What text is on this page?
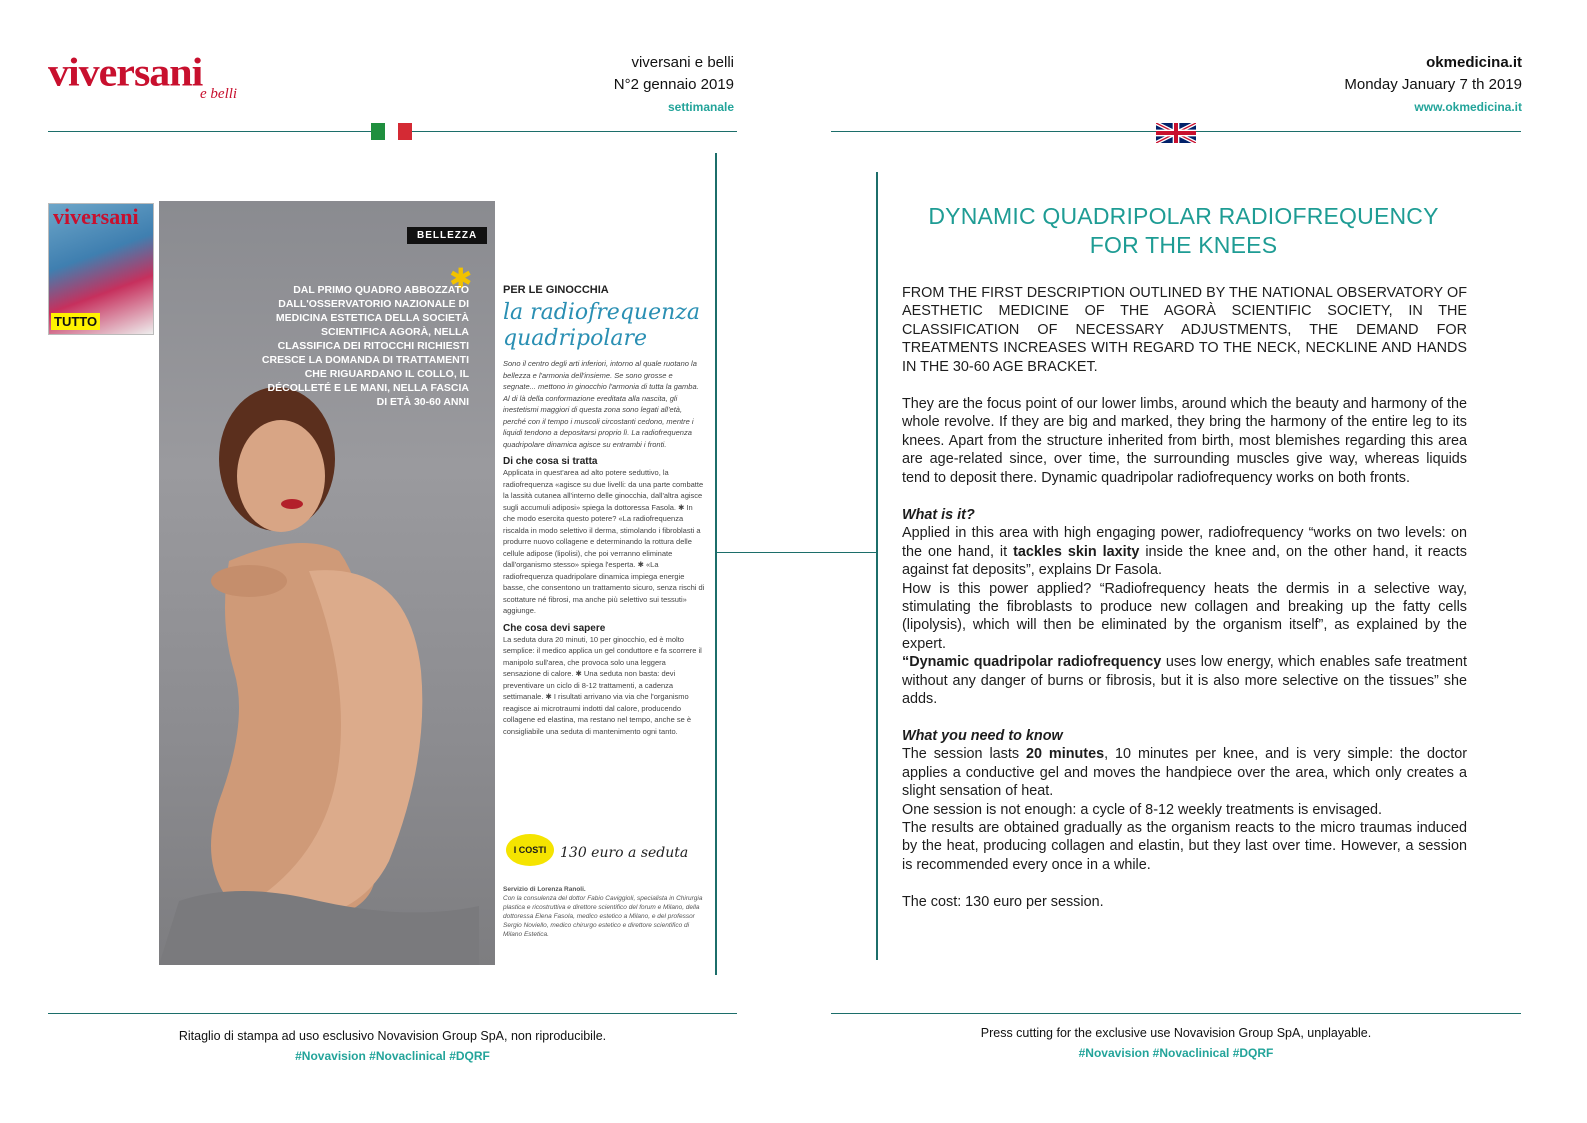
viversani
e belli
viversani e belli
N°2 gennaio 2019
settimanale
viversani
TUTTO
BELLEZZA
✱
DAL PRIMO QUADRO ABBOZZATO DALL'OSSERVATORIO NAZIONALE DI MEDICINA ESTETICA DELLA SOCIETÀ SCIENTIFICA AGORÀ, NELLA CLASSIFICA DEI RITOCCHI RICHIESTI CRESCE LA DOMANDA DI TRATTAMENTI CHE RIGUARDANO IL COLLO, IL DÉCOLLETÉ E LE MANI, NELLA FASCIA DI ETÀ 30-60 ANNI
PER LE GINOCCHIA
la radiofrequenza quadripolare
Sono il centro degli arti inferiori, intorno al quale ruotano la bellezza e l'armonia dell'insieme. Se sono grosse e segnate... mettono in ginocchio l'armonia di tutta la gamba. Al di là della conformazione ereditata alla nascita, gli inestetismi maggiori di questa zona sono legati all'età, perché con il tempo i muscoli circostanti cedono, mentre i liquidi tendono a depositarsi proprio lì. La radiofrequenza quadripolare dinamica agisce su entrambi i fronti.
Di che cosa si tratta
Applicata in quest'area ad alto potere seduttivo, la radiofrequenza «agisce su due livelli: da una parte combatte la lassità cutanea all'interno delle ginocchia, dall'altra agisce sugli accumuli adiposi» spiega la dottoressa Fasola. ✱ In che modo esercita questo potere? «La radiofrequenza riscalda in modo selettivo il derma, stimolando i fibroblasti a produrre nuovo collagene e determinando la rottura delle cellule adipose (lipolisi), che poi verranno eliminate dall'organismo stesso» spiega l'esperta. ✱ «La radiofrequenza quadripolare dinamica impiega energie basse, che consentono un trattamento sicuro, senza rischi di scottature né fibrosi, ma anche più selettivo sui tessuti» aggiunge.
Che cosa devi sapere
La seduta dura 20 minuti, 10 per ginocchio, ed è molto semplice: il medico applica un gel conduttore e fa scorrere il manipolo sull'area, che provoca solo una leggera sensazione di calore. ✱ Una seduta non basta: devi preventivare un ciclo di 8-12 trattamenti, a cadenza settimanale. ✱ I risultati arrivano via via che l'organismo reagisce ai microtraumi indotti dal calore, producendo collagene ed elastina, ma restano nel tempo, anche se è consigliabile una seduta di mantenimento ogni tanto.
I COSTI 130 euro a seduta
Servizio di Lorenza Ranoli.
Con la consulenza del dottor Fabio Caviggioli, specialista in Chirurgia plastica e ricostruttiva e direttore scientifico del forum e Milano, della dottoressa Elena Fasola, medico estetico a Milano, e del professor Sergio Noviello, medico chirurgo estetico e direttore scientifico di Milano Estetica.
Ritaglio di stampa ad uso esclusivo Novavision Group SpA, non riproducibile.
#Novavision #Novaclinical #DQRF
okmedicina.it
Monday January 7 th 2019
www.okmedicina.it
DYNAMIC QUADRIPOLAR RADIOFREQUENCY
FOR THE KNEES

FROM THE FIRST DESCRIPTION OUTLINED BY THE NATIONAL OBSERVATORY OF AESTHETIC MEDICINE OF THE AGORÀ SCIENTIFIC SOCIETY, IN THE CLASSIFICATION OF NECESSARY ADJUSTMENTS, THE DEMAND FOR TREATMENTS INCREASES WITH REGARD TO THE NECK, NECKLINE AND HANDS IN THE 30-60 AGE BRACKET.

They are the focus point of our lower limbs, around which the beauty and harmony of the whole revolve. If they are big and marked, they bring the harmony of the entire leg to its knees. Apart from the structure inherited from birth, most blemishes regarding this area are age-related since, over time, the surrounding muscles give way, whereas liquids tend to deposit there. Dynamic quadripolar radiofrequency works on both fronts.

What is it?

Applied in this area with high engaging power, radiofrequency “works on two levels: on the one hand, it tackles skin laxity inside the knee and, on the other hand, it reacts against fat deposits”, explains Dr Fasola.

How is this power applied? “Radiofrequency heats the dermis in a selective way, stimulating the fibroblasts to produce new collagen and breaking up the fatty cells (lipolysis), which will then be eliminated by the organism itself”, as explained by the expert.

“Dynamic quadripolar radiofrequency uses low energy, which enables safe treatment without any danger of burns or fibrosis, but it is also more selective on the tissues” she adds.

What you need to know

The session lasts 20 minutes, 10 minutes per knee, and is very simple: the doctor applies a conductive gel and moves the handpiece over the area, which only creates a slight sensation of heat.

One session is not enough: a cycle of 8-12 weekly treatments is envisaged.

The results are obtained gradually as the organism reacts to the micro traumas induced by the heat, producing collagen and elastin, but they last over time. However, a session is recommended every once in a while.

The cost: 130 euro per session.

Press cutting for the exclusive use Novavision Group SpA, unplayable.
#Novavision #Novaclinical #DQRF
